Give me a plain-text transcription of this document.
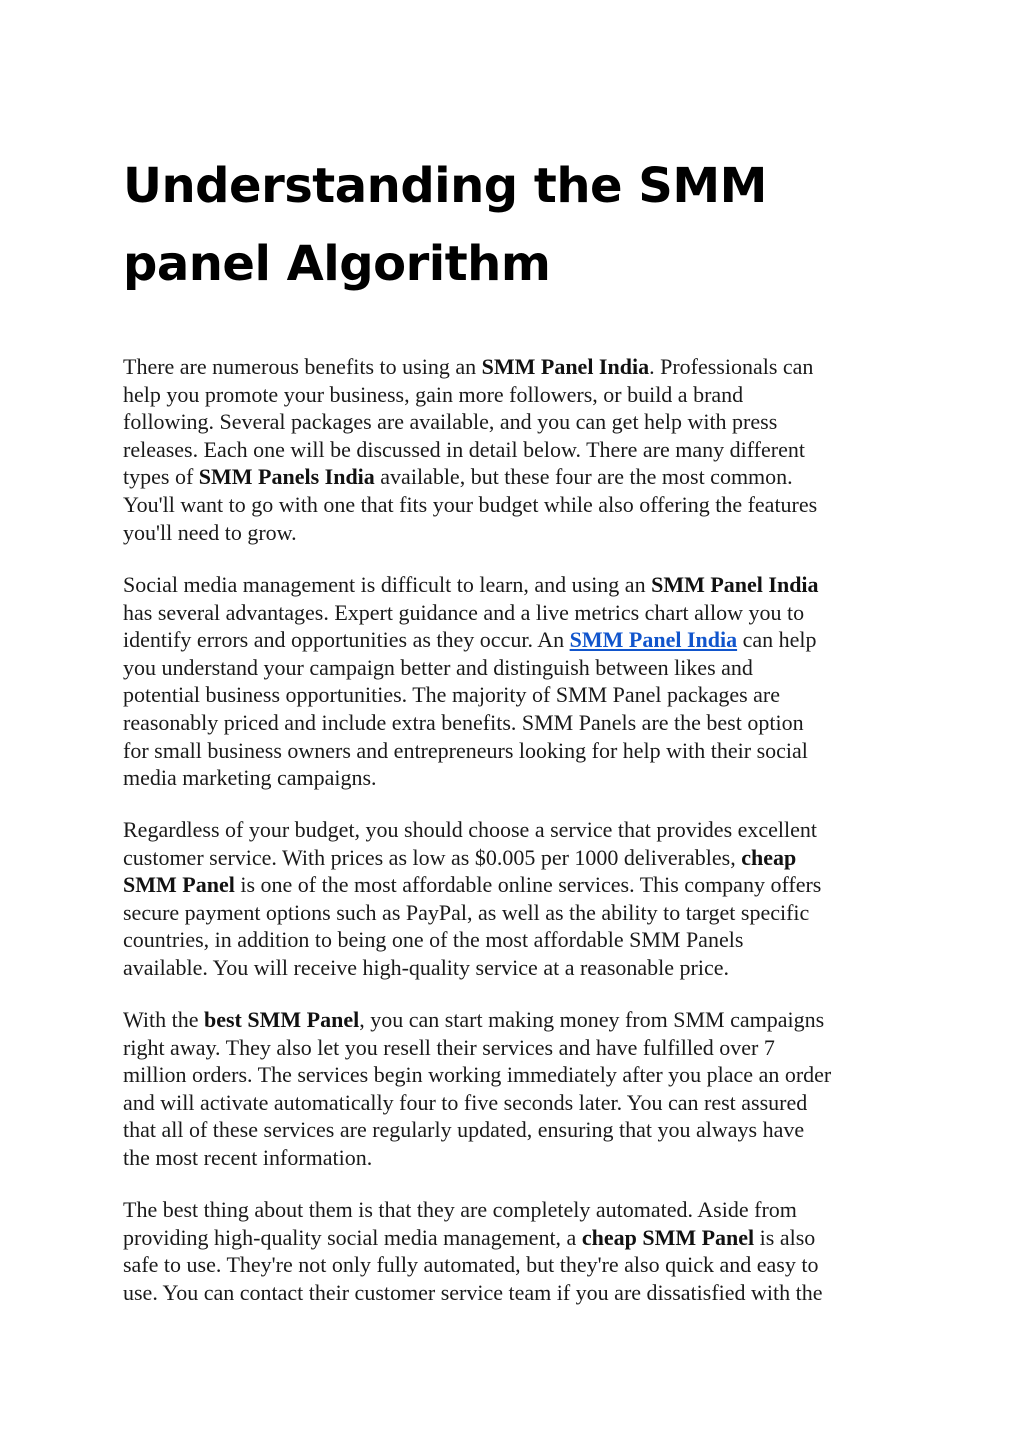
Understanding the SMM
panel Algorithm

There are numerous benefits to using an SMM Panel India. Professionals can
help you promote your business, gain more followers, or build a brand
following. Several packages are available, and you can get help with press
releases. Each one will be discussed in detail below. There are many different
types of SMM Panels India available, but these four are the most common.
You'll want to go with one that fits your budget while also offering the features
you'll need to grow.

Social media management is difficult to learn, and using an SMM Panel India
has several advantages. Expert guidance and a live metrics chart allow you to
identify errors and opportunities as they occur. An SMM Panel India can help
you understand your campaign better and distinguish between likes and
potential business opportunities. The majority of SMM Panel packages are
reasonably priced and include extra benefits. SMM Panels are the best option
for small business owners and entrepreneurs looking for help with their social
media marketing campaigns.

Regardless of your budget, you should choose a service that provides excellent
customer service. With prices as low as $0.005 per 1000 deliverables, cheap
SMM Panel is one of the most affordable online services. This company offers
secure payment options such as PayPal, as well as the ability to target specific
countries, in addition to being one of the most affordable SMM Panels
available. You will receive high-quality service at a reasonable price.

With the best SMM Panel, you can start making money from SMM campaigns
right away. They also let you resell their services and have fulfilled over 7
million orders. The services begin working immediately after you place an order
and will activate automatically four to five seconds later. You can rest assured
that all of these services are regularly updated, ensuring that you always have
the most recent information.

The best thing about them is that they are completely automated. Aside from
providing high-quality social media management, a cheap SMM Panel is also
safe to use. They're not only fully automated, but they're also quick and easy to
use. You can contact their customer service team if you are dissatisfied with the
